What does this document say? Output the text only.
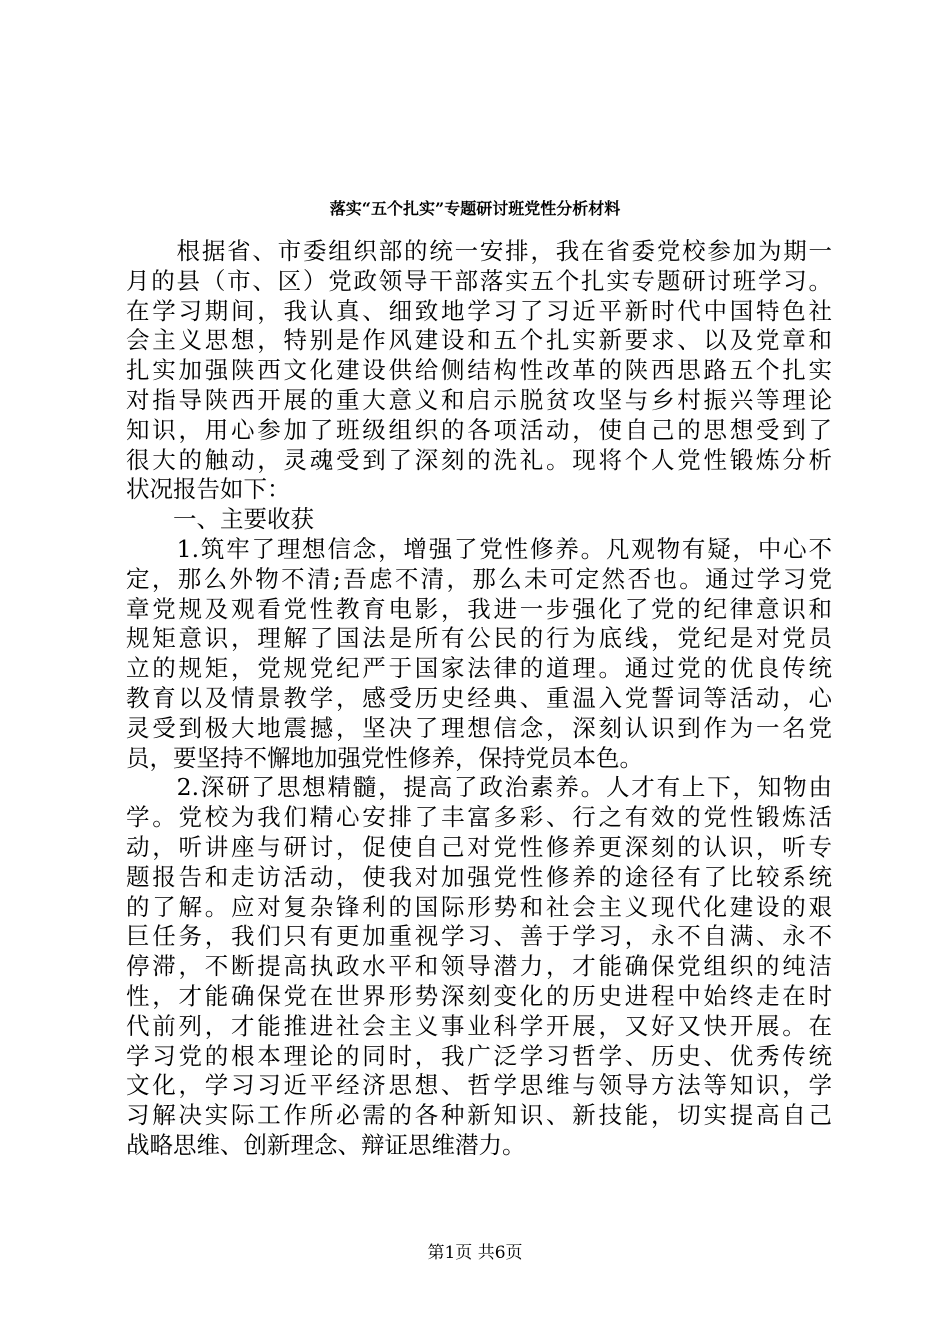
落实“五个扎实”专题研讨班党性分析材料
　　根据省、市委组织部的统一安排，我在省委党校参加为期一
月的县（市、区）党政领导干部落实五个扎实专题研讨班学习。
在学习期间，我认真、细致地学习了习近平新时代中国特色社
会主义思想，特别是作风建设和五个扎实新要求、以及党章和
扎实加强陕西文化建设供给侧结构性改革的陕西思路五个扎实
对指导陕西开展的重大意义和启示脱贫攻坚与乡村振兴等理论
知识，用心参加了班级组织的各项活动，使自己的思想受到了
很大的触动，灵魂受到了深刻的洗礼。现将个人党性锻炼分析
状况报告如下：
　　一、主要收获
　　1.筑牢了理想信念，增强了党性修养。凡观物有疑，中心不
定，那么外物不清;吾虑不清，那么未可定然否也。通过学习党
章党规及观看党性教育电影，我进一步强化了党的纪律意识和
规矩意识，理解了国法是所有公民的行为底线，党纪是对党员
立的规矩，党规党纪严于国家法律的道理。通过党的优良传统
教育以及情景教学，感受历史经典、重温入党誓词等活动，心
灵受到极大地震撼，坚决了理想信念，深刻认识到作为一名党
员，要坚持不懈地加强党性修养，保持党员本色。
　　2.深研了思想精髓，提高了政治素养。人才有上下，知物由
学。党校为我们精心安排了丰富多彩、行之有效的党性锻炼活
动，听讲座与研讨，促使自己对党性修养更深刻的认识，听专
题报告和走访活动，使我对加强党性修养的途径有了比较系统
的了解。应对复杂锋利的国际形势和社会主义现代化建设的艰
巨任务，我们只有更加重视学习、善于学习，永不自满、永不
停滞，不断提高执政水平和领导潜力，才能确保党组织的纯洁
性，才能确保党在世界形势深刻变化的历史进程中始终走在时
代前列，才能推进社会主义事业科学开展，又好又快开展。在
学习党的根本理论的同时，我广泛学习哲学、历史、优秀传统
文化，学习习近平经济思想、哲学思维与领导方法等知识，学
习解决实际工作所必需的各种新知识、新技能，切实提高自己
战略思维、创新理念、辩证思维潜力。
第1页 共6页
